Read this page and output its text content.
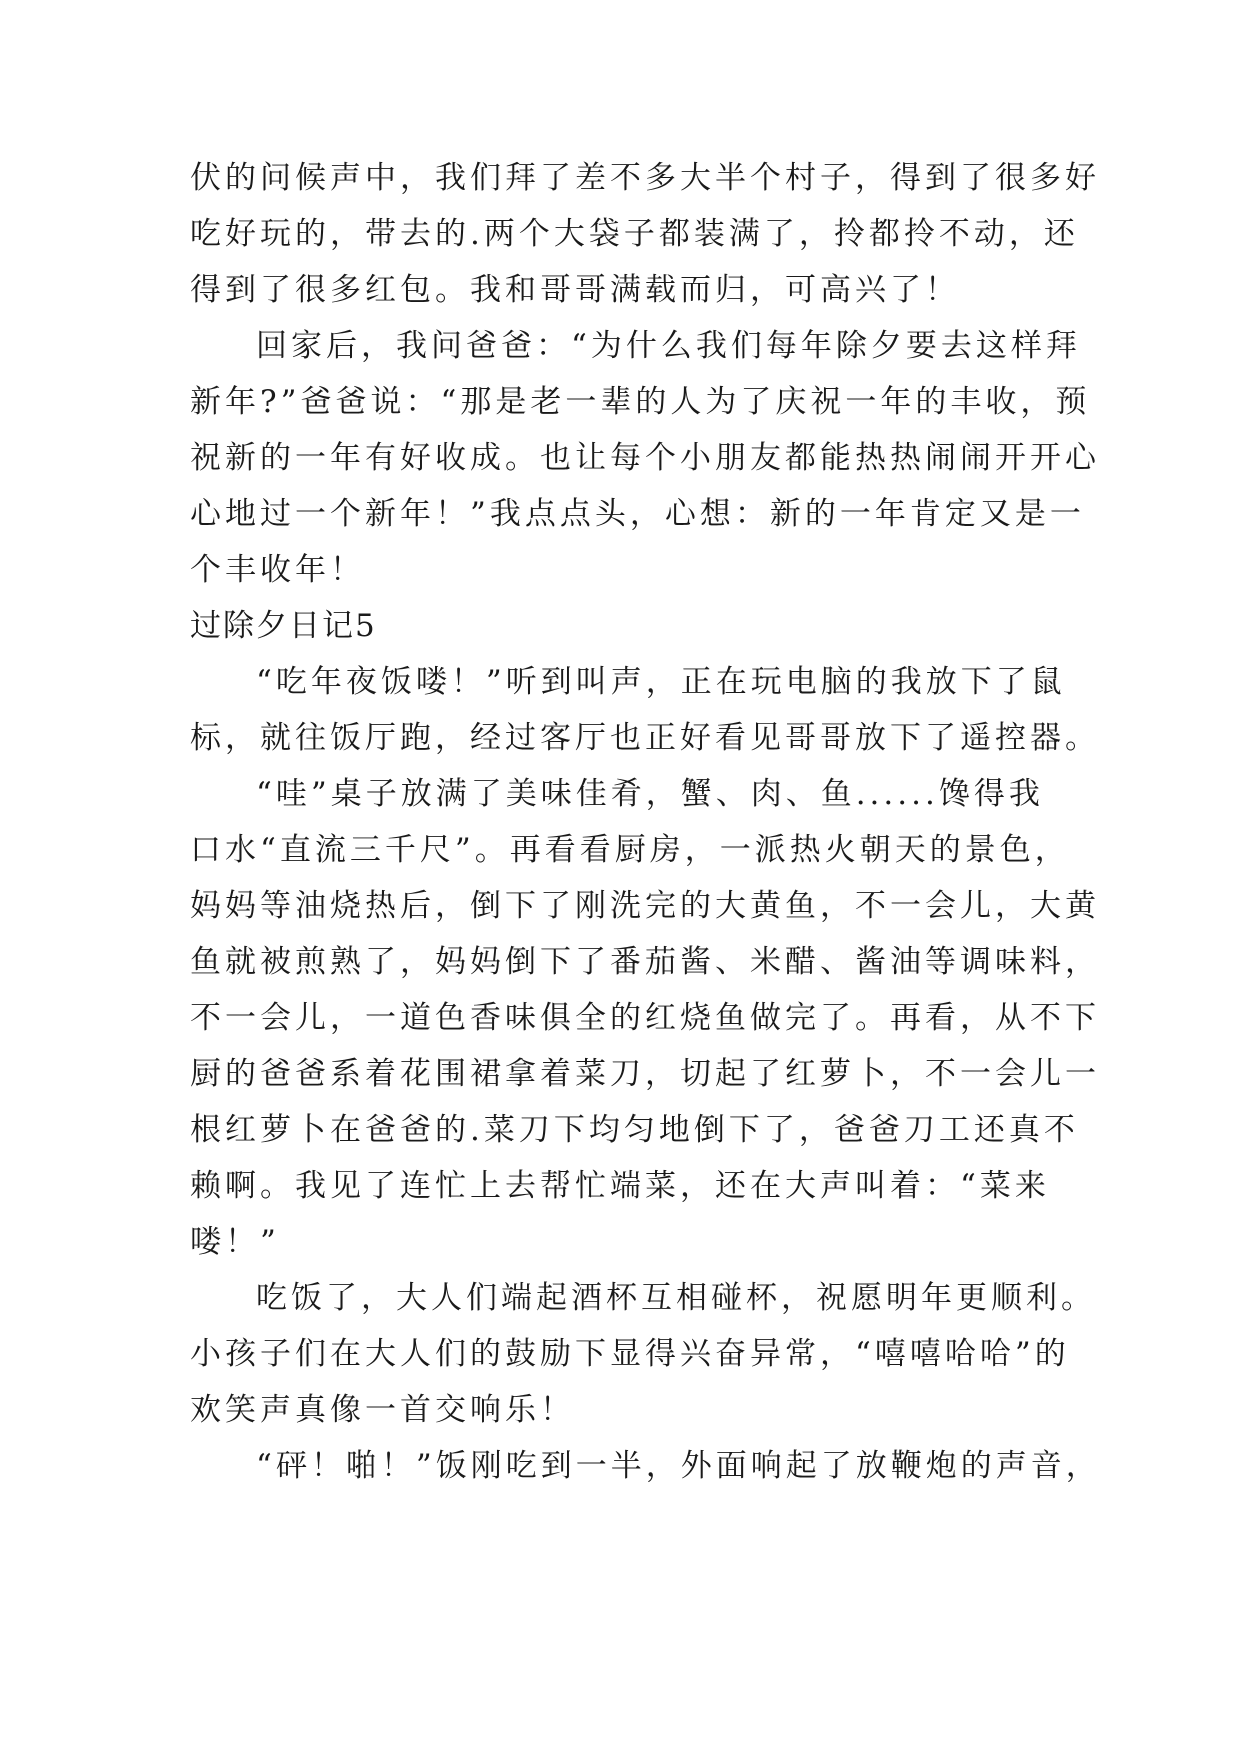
伏的问候声中，我们拜了差不多大半个村子，得到了很多好
吃好玩的，带去的.两个大袋子都装满了，拎都拎不动，还
得到了很多红包。我和哥哥满载而归，可高兴了！
回家后，我问爸爸：“为什么我们每年除夕要去这样拜
新年?”爸爸说：“那是老一辈的人为了庆祝一年的丰收，预
祝新的一年有好收成。也让每个小朋友都能热热闹闹开开心
心地过一个新年！”我点点头，心想：新的一年肯定又是一
个丰收年！
过除夕日记5
“吃年夜饭喽！”听到叫声，正在玩电脑的我放下了鼠
标，就往饭厅跑，经过客厅也正好看见哥哥放下了遥控器。
“哇”桌子放满了美味佳肴，蟹、肉、鱼......馋得我
口水“直流三千尺”。再看看厨房，一派热火朝天的景色，
妈妈等油烧热后，倒下了刚洗完的大黄鱼，不一会儿，大黄
鱼就被煎熟了，妈妈倒下了番茄酱、米醋、酱油等调味料，
不一会儿，一道色香味俱全的红烧鱼做完了。再看，从不下
厨的爸爸系着花围裙拿着菜刀，切起了红萝卜，不一会儿一
根红萝卜在爸爸的.菜刀下均匀地倒下了，爸爸刀工还真不
赖啊。我见了连忙上去帮忙端菜，还在大声叫着：“菜来
喽！”
吃饭了，大人们端起酒杯互相碰杯，祝愿明年更顺利。
小孩子们在大人们的鼓励下显得兴奋异常，“嘻嘻哈哈”的
欢笑声真像一首交响乐！
“砰！啪！”饭刚吃到一半，外面响起了放鞭炮的声音，
